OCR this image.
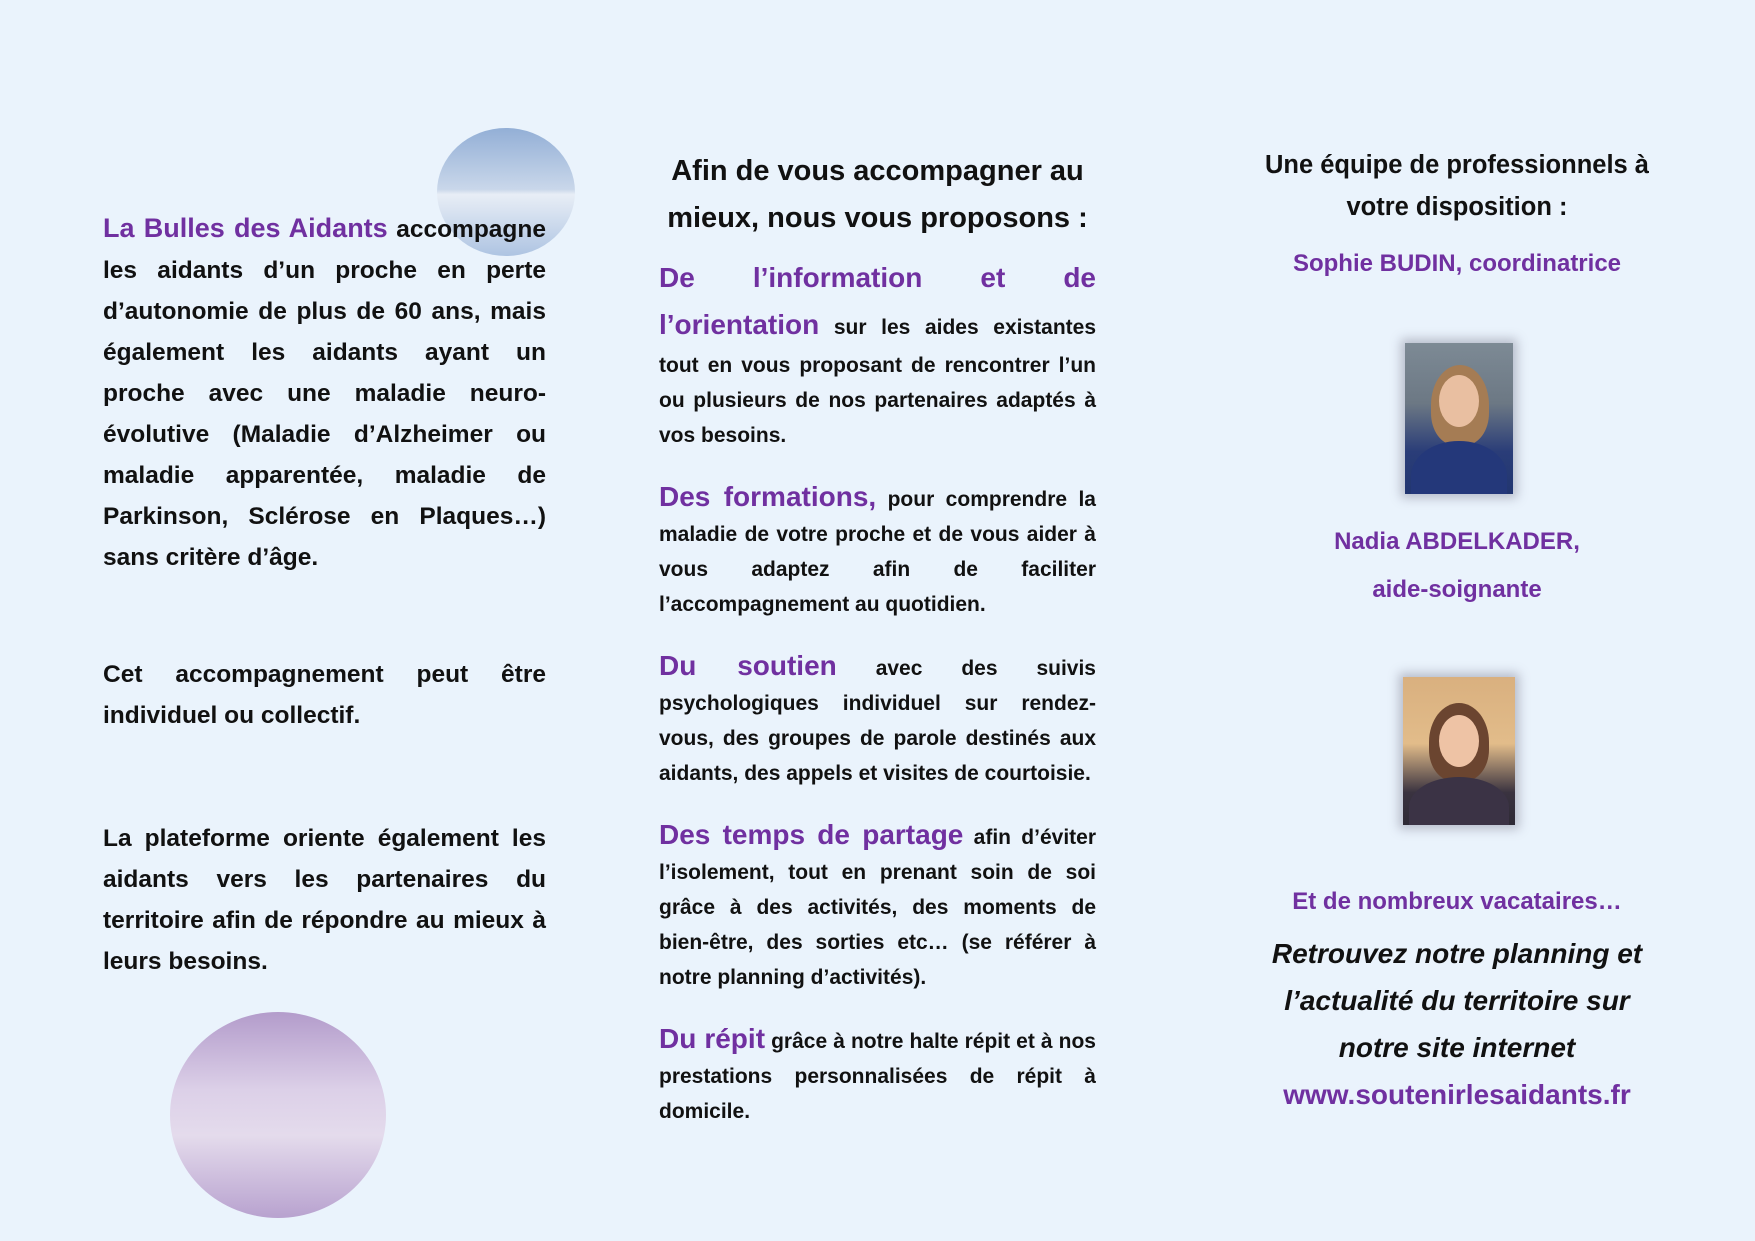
La Bulles des Aidants accompagne les aidants d’un proche en perte d’autonomie de plus de 60 ans, mais également les aidants ayant un proche avec une maladie neuro-évolutive (Maladie d’Alzheimer ou maladie apparentée, maladie de Parkinson, Sclérose en Plaques…) sans critère d’âge.

Cet accompagnement peut être individuel ou collectif.

La plateforme oriente également les aidants vers les partenaires du territoire afin de répondre au mieux à leurs besoins.

Afin de vous accompagner au
mieux, nous vous proposons :

De l’information et de l’orientation sur les aides existantes tout en vous proposant de rencontrer l’un ou plusieurs de nos partenaires adaptés à vos besoins.

Des formations, pour comprendre la maladie de votre proche et de vous aider à vous adaptez afin de faciliter l’accompagnement au quotidien.

Du soutien avec des suivis psychologiques individuel sur rendez-vous, des groupes de parole destinés aux aidants, des appels et visites de courtoisie.

Des temps de partage afin d’éviter l’isolement, tout en prenant soin de soi grâce à des activités, des moments de bien-être, des sorties etc… (se référer à notre planning d’activités).

Du répit grâce à notre halte répit et à nos prestations personnalisées de répit à domicile.

Une équipe de professionnels à
votre disposition :

Sophie BUDIN, coordinatrice

Nadia ABDELKADER,
aide-soignante

Et de nombreux vacataires…

Retrouvez notre planning et
l’actualité du territoire sur
notre site internet

www.soutenirlesaidants.fr
